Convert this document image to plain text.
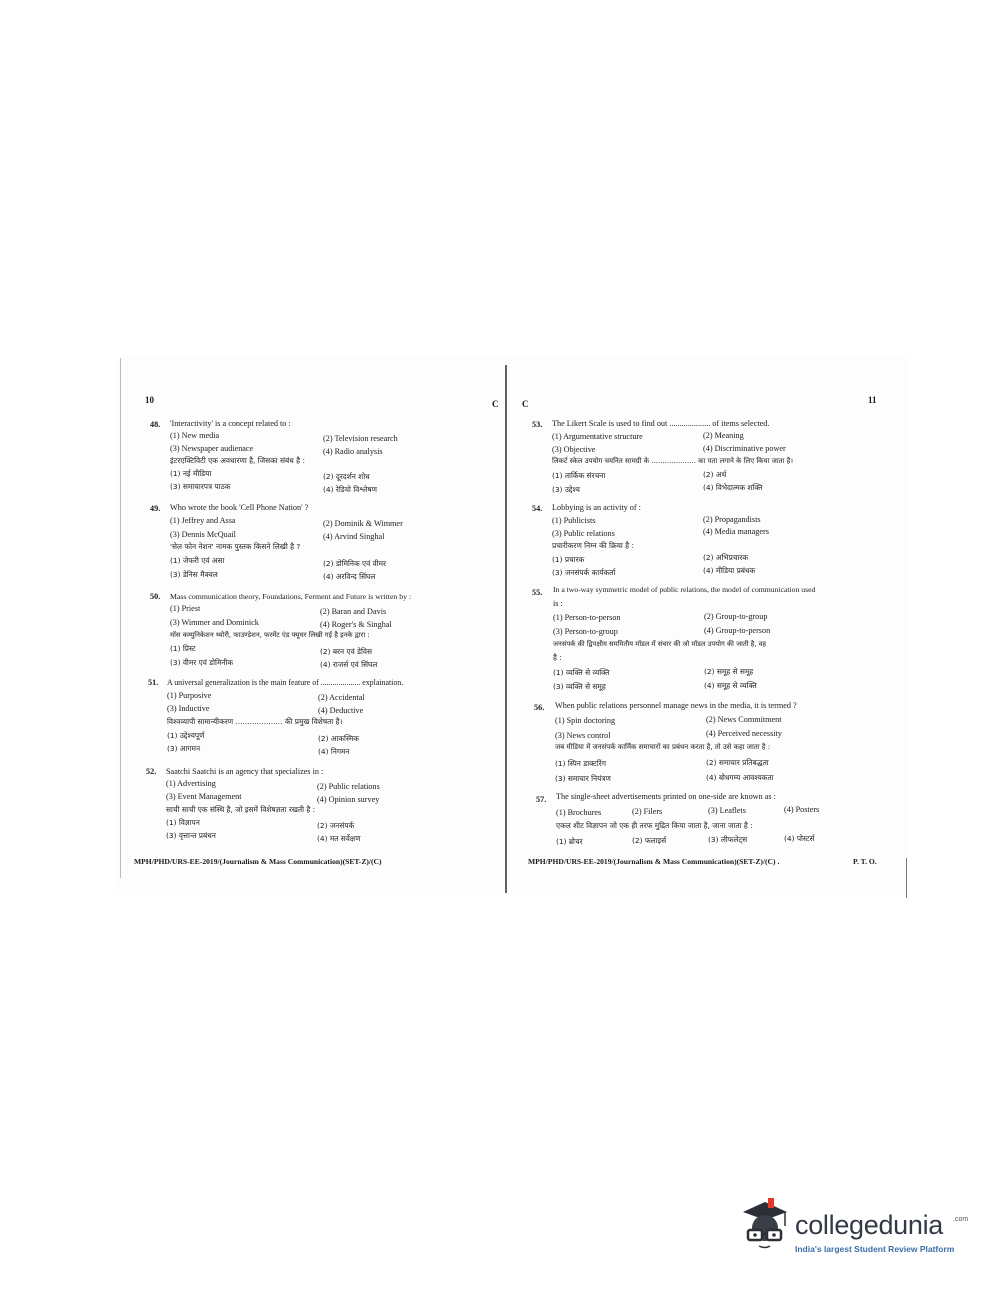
10	C
48. 'Interactivity' is a concept related to :
(1) New media	(2) Television research
(3) Newspaper audienace	(4) Radio analysis
इंटरएक्टिविटी एक अवधारणा है, जिसका संबंध है :
(1) नई मीडिया	(2) दूरदर्शन शोध
(3) समाचारपत्र पाठक	(4) रेडियो विश्लेषण
49. Who wrote the book 'Cell Phone Nation' ?
(1) Jeffrey and Assa	(2) Dominik & Wimmer
(3) Dennis McQuail	(4) Arvind Singhal
'सेल फोन नेशन' नामक पुस्तक किसने लिखी है ?
(1) जेफरी एवं असा	(2) डोमिनिक एवं वीमर
(3) डेनिस मैक्वल	(4) अरविन्द सिंघल
50. Mass communication theory, Foundations, Ferment and Future is written by :
(1) Priest	(2) Baran and Davis
(3) Wimmer and Dominick	(4) Roger's & Singhal
मॉस कम्युनिकेशन थ्योरी, फाउण्डेशन, फरमेंट एंड फ्यूचर लिखी गई है इनके द्वारा :
(1) प्रिस्ट	(2) बरन एवं डेविस
(3) वीमर एवं डोमिनीक	(4) राजर्स एवं सिंघल
51. A universal generalization is the main feature of .................... explaination.
(1) Purposive	(2) Accidental
(3) Inductive	(4) Deductive
विश्वव्यापी सामान्यीकरण .................... की प्रमुख विशेषता है।
(1) उद्देश्यपूर्ण	(2) आकस्मिक
(3) आगमन	(4) निगमन
52. Saatchi Saatchi is an agency that specializes in :
(1) Advertising	(2) Public relations
(3) Event Management	(4) Opinion survey
साची साची एक संस्थि है, जो इसमें विशेषज्ञता रखती है :
(1) विज्ञापन	(2) जनसंपर्क
(3) वृत्तान्त प्रबंधन	(4) मत सर्वेक्षण
MPH/PHD/URS-EE-2019/(Journalism & Mass Communication)(SET-Z)/(C)
C	11
53. The Likert Scale is used to find out .................... of items selected.
(1) Argumentative structure	(2) Meaning
(3) Objective	(4) Discriminative power
लिकर्ट स्केल उपयोग चयनित सामग्री के .................... का पता लगाने के लिए किया जाता है।
(1) तार्किक संरचना	(2) अर्थ
(3) उद्देश्य	(4) विभेदात्मक शक्ति
54. Lobbying is an activity of :
(1) Publicists	(2) Propagandists
(3) Public relations	(4) Media managers
प्रचारीकरण निम्न की क्रिया है :
(1) प्रचारक	(2) अभिप्रचारक
(3) जनसंपर्क कार्यकर्ता	(4) मीडिया प्रबंधक
55. In a two-way symmetric model of public relations, the model of communication used
is :
(1) Person-to-person	(2) Group-to-group
(3) Person-to-group	(4) Group-to-person
जनसंपर्क की द्विपक्षीय सममितीय मॉडल में संचार की जो मॉडल उपयोग की जाती है, वह
है :
(1) व्यक्ति से व्यक्ति	(2) समूह से समूह
(3) व्यक्ति से समूह	(4) समूह से व्यक्ति
56. When public relations personnel manage news in the media, it is termed ?
(1) Spin doctoring	(2) News Commitment
(3) News control	(4) Perceived necessity
जब मीडिया में जनसंपर्क कार्मिक समाचारों का प्रबंधन करता है, तो उसे कहा जाता है :
(1) स्पिन डाक्टरिंग	(2) समाचार प्रतिबद्धता
(3) समाचार नियंत्रण	(4) बोधगम्य आवश्यकता
57. The single-sheet advertisements printed on one-side are known as :
(1) Brochures	(2) Filers	(3) Leaflets	(4) Posters
एकल शीट विज्ञापन जो एक ही तरफ मुद्रित किया जाता है, जाना जाता है :
(1) ब्रोचर	(2) फलाइर्स	(3) लीफलेट्स	(4) पोस्टर्स
MPH/PHD/URS-EE-2019/(Journalism & Mass Communication)(SET-Z)/(C) .	P. T. O.
collegedunia .com
India's largest Student Review Platform
